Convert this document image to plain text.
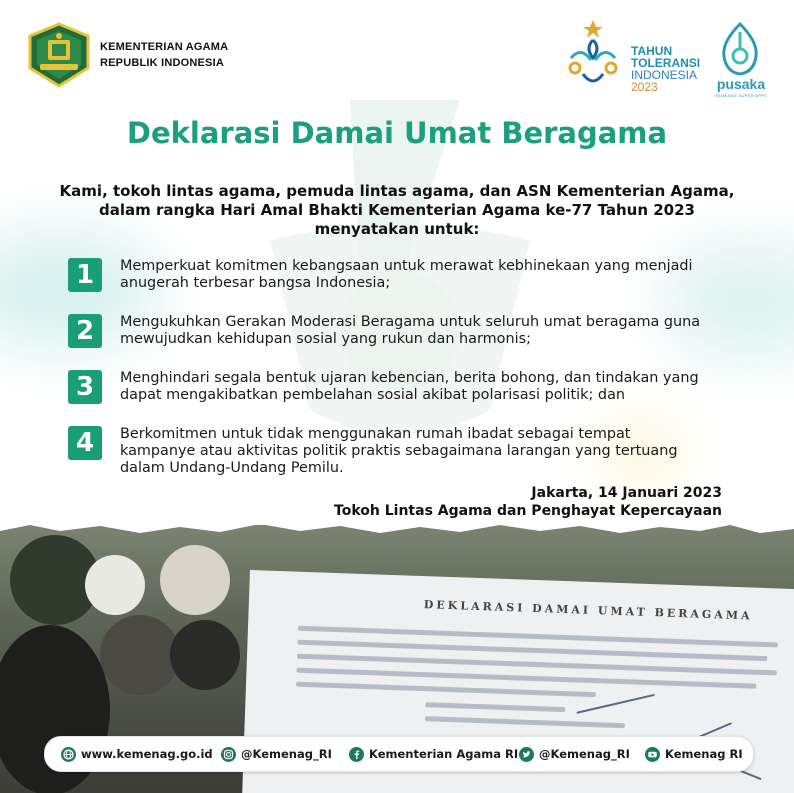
KEMENTERIAN AGAMA
REPUBLIK INDONESIA
TAHUN
TOLERANSI
INDONESIA
2023	pusaka
KEMENAG SUPER APPS
Deklarasi Damai Umat Beragama
Kami, tokoh lintas agama, pemuda lintas agama, dan ASN Kementerian Agama,
dalam rangka Hari Amal Bhakti Kementerian Agama ke-77 Tahun 2023
menyatakan untuk:
1	Memperkuat komitmen kebangsaan untuk merawat kebhinekaan yang menjadi
anugerah terbesar bangsa Indonesia;
2	Mengukuhkan Gerakan Moderasi Beragama untuk seluruh umat beragama guna
mewujudkan kehidupan sosial yang rukun dan harmonis;
3	Menghindari segala bentuk ujaran kebencian, berita bohong, dan tindakan yang
dapat mengakibatkan pembelahan sosial akibat polarisasi politik; dan
4	Berkomitmen untuk tidak menggunakan rumah ibadat sebagai tempat
kampanye atau aktivitas politik praktis sebagaimana larangan yang tertuang
dalam Undang-Undang Pemilu.
Jakarta, 14 Januari 2023
Tokoh Lintas Agama dan Penghayat Kepercayaan
DEKLARASI DAMAI UMAT BERAGAMA
www.kemenag.go.id @Kemenag_RI	Kementerian Agama RI @Kemenag_RI	Kemenag RI
